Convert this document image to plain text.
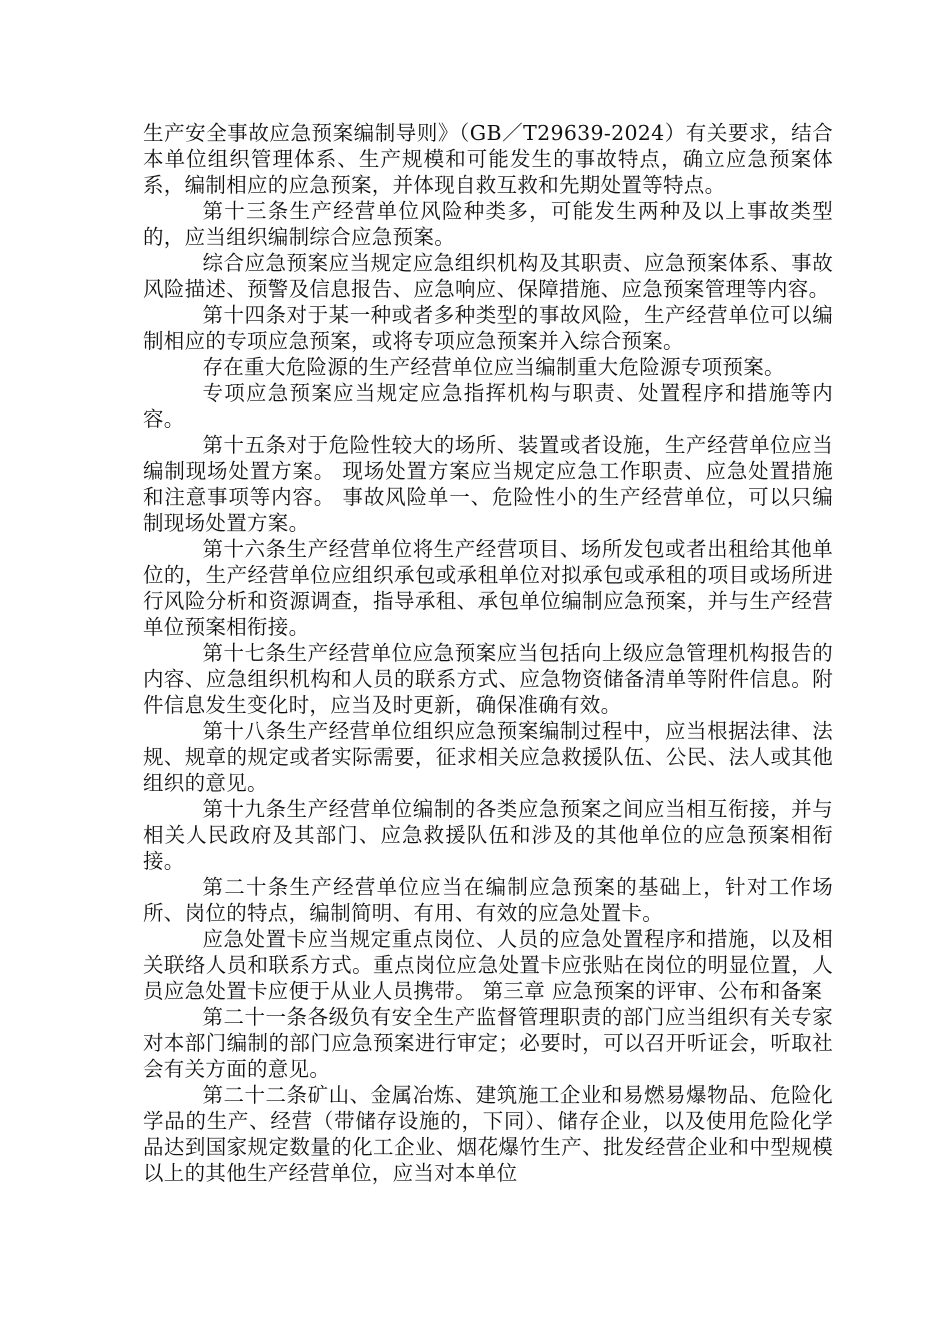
生产安全事故应急预案编制导则》（GB／T29639-2024）有关要求，结合本单位组织管理体系、生产规模和可能发生的事故特点，确立应急预案体系，编制相应的应急预案，并体现自救互救和先期处置等特点。

第十三条生产经营单位风险种类多，可能发生两种及以上事故类型的，应当组织编制综合应急预案。

综合应急预案应当规定应急组织机构及其职责、应急预案体系、事故风险描述、预警及信息报告、应急响应、保障措施、应急预案管理等内容。

第十四条对于某一种或者多种类型的事故风险，生产经营单位可以编制相应的专项应急预案，或将专项应急预案并入综合预案。

存在重大危险源的生产经营单位应当编制重大危险源专项预案。

专项应急预案应当规定应急指挥机构与职责、处置程序和措施等内容。

第十五条对于危险性较大的场所、装置或者设施，生产经营单位应当编制现场处置方案。 现场处置方案应当规定应急工作职责、应急处置措施和注意事项等内容。 事故风险单一、危险性小的生产经营单位，可以只编制现场处置方案。

第十六条生产经营单位将生产经营项目、场所发包或者出租给其他单位的，生产经营单位应组织承包或承租单位对拟承包或承租的项目或场所进行风险分析和资源调查，指导承租、承包单位编制应急预案，并与生产经营单位预案相衔接。

第十七条生产经营单位应急预案应当包括向上级应急管理机构报告的内容、应急组织机构和人员的联系方式、应急物资储备清单等附件信息。附件信息发生变化时，应当及时更新，确保准确有效。

第十八条生产经营单位组织应急预案编制过程中，应当根据法律、法规、规章的规定或者实际需要，征求相关应急救援队伍、公民、法人或其他组织的意见。

第十九条生产经营单位编制的各类应急预案之间应当相互衔接，并与相关人民政府及其部门、应急救援队伍和涉及的其他单位的应急预案相衔接。

第二十条生产经营单位应当在编制应急预案的基础上，针对工作场所、岗位的特点，编制简明、有用、有效的应急处置卡。

应急处置卡应当规定重点岗位、人员的应急处置程序和措施，以及相关联络人员和联系方式。重点岗位应急处置卡应张贴在岗位的明显位置，人员应急处置卡应便于从业人员携带。 第三章 应急预案的评审、公布和备案

第二十一条各级负有安全生产监督管理职责的部门应当组织有关专家对本部门编制的部门应急预案进行审定；必要时，可以召开听证会，听取社会有关方面的意见。

第二十二条矿山、金属冶炼、建筑施工企业和易燃易爆物品、危险化学品的生产、经营（带储存设施的，下同）、储存企业，以及使用危险化学品达到国家规定数量的化工企业、烟花爆竹生产、批发经营企业和中型规模以上的其他生产经营单位，应当对本单位
